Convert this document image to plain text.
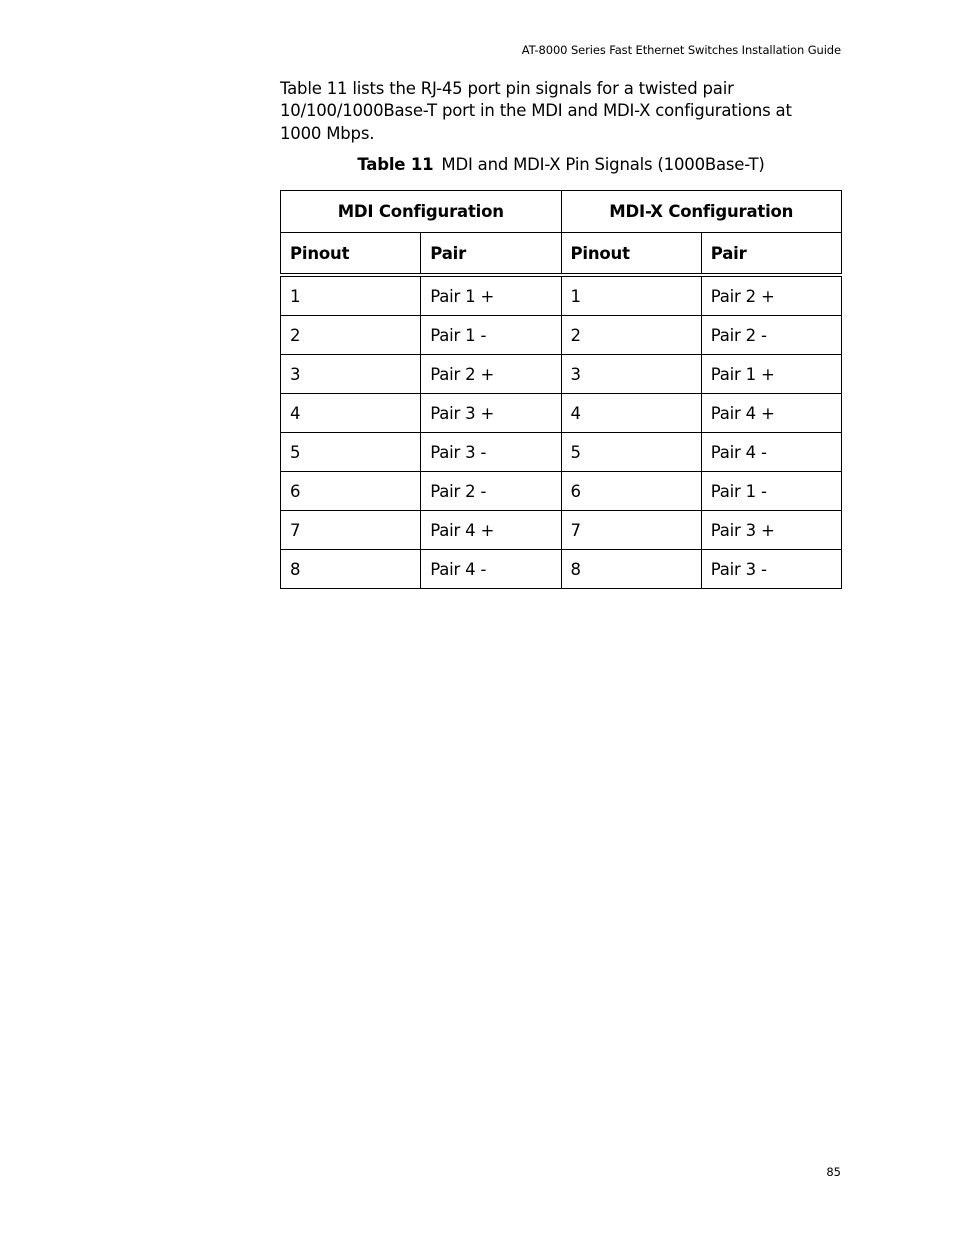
AT-8000 Series Fast Ethernet Switches Installation Guide

Table 11 lists the RJ-45 port pin signals for a twisted pair 10/100/1000Base-T port in the MDI and MDI-X configurations at 1000 Mbps.

Table 11 MDI and MDI-X Pin Signals (1000Base-T)
MDI Configuration		MDI-X Configuration	
Pinout	Pair	Pinout	Pair
1	Pair 1 +	1	Pair 2 +
2	Pair 1 -	2	Pair 2 -
3	Pair 2 +	3	Pair 1 +
4	Pair 3 +	4	Pair 4 +
5	Pair 3 -	5	Pair 4 -
6	Pair 2 -	6	Pair 1 -
7	Pair 4 +	7	Pair 3 +
8	Pair 4 -	8	Pair 3 -
85
